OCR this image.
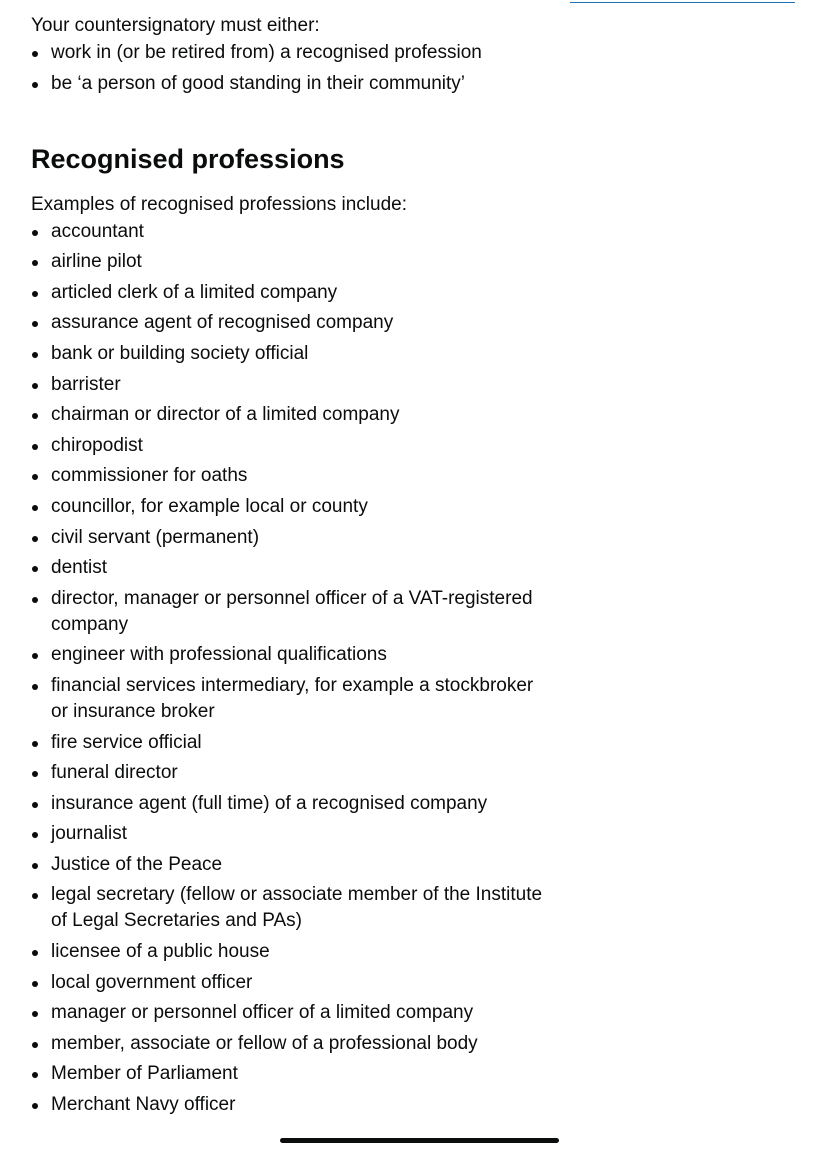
Your countersignatory must either:

work in (or be retired from) a recognised profession
be ‘a person of good standing in their community’
Recognised professions

Examples of recognised professions include:

accountant
airline pilot
articled clerk of a limited company
assurance agent of recognised company
bank or building society official
barrister
chairman or director of a limited company
chiropodist
commissioner for oaths
councillor, for example local or county
civil servant (permanent)
dentist
director, manager or personnel officer of a VAT-registered company
engineer with professional qualifications
financial services intermediary, for example a stockbroker or insurance broker
fire service official
funeral director
insurance agent (full time) of a recognised company
journalist
Justice of the Peace
legal secretary (fellow or associate member of the Institute of Legal Secretaries and PAs)
licensee of a public house
local government officer
manager or personnel officer of a limited company
member, associate or fellow of a professional body
Member of Parliament
Merchant Navy officer
